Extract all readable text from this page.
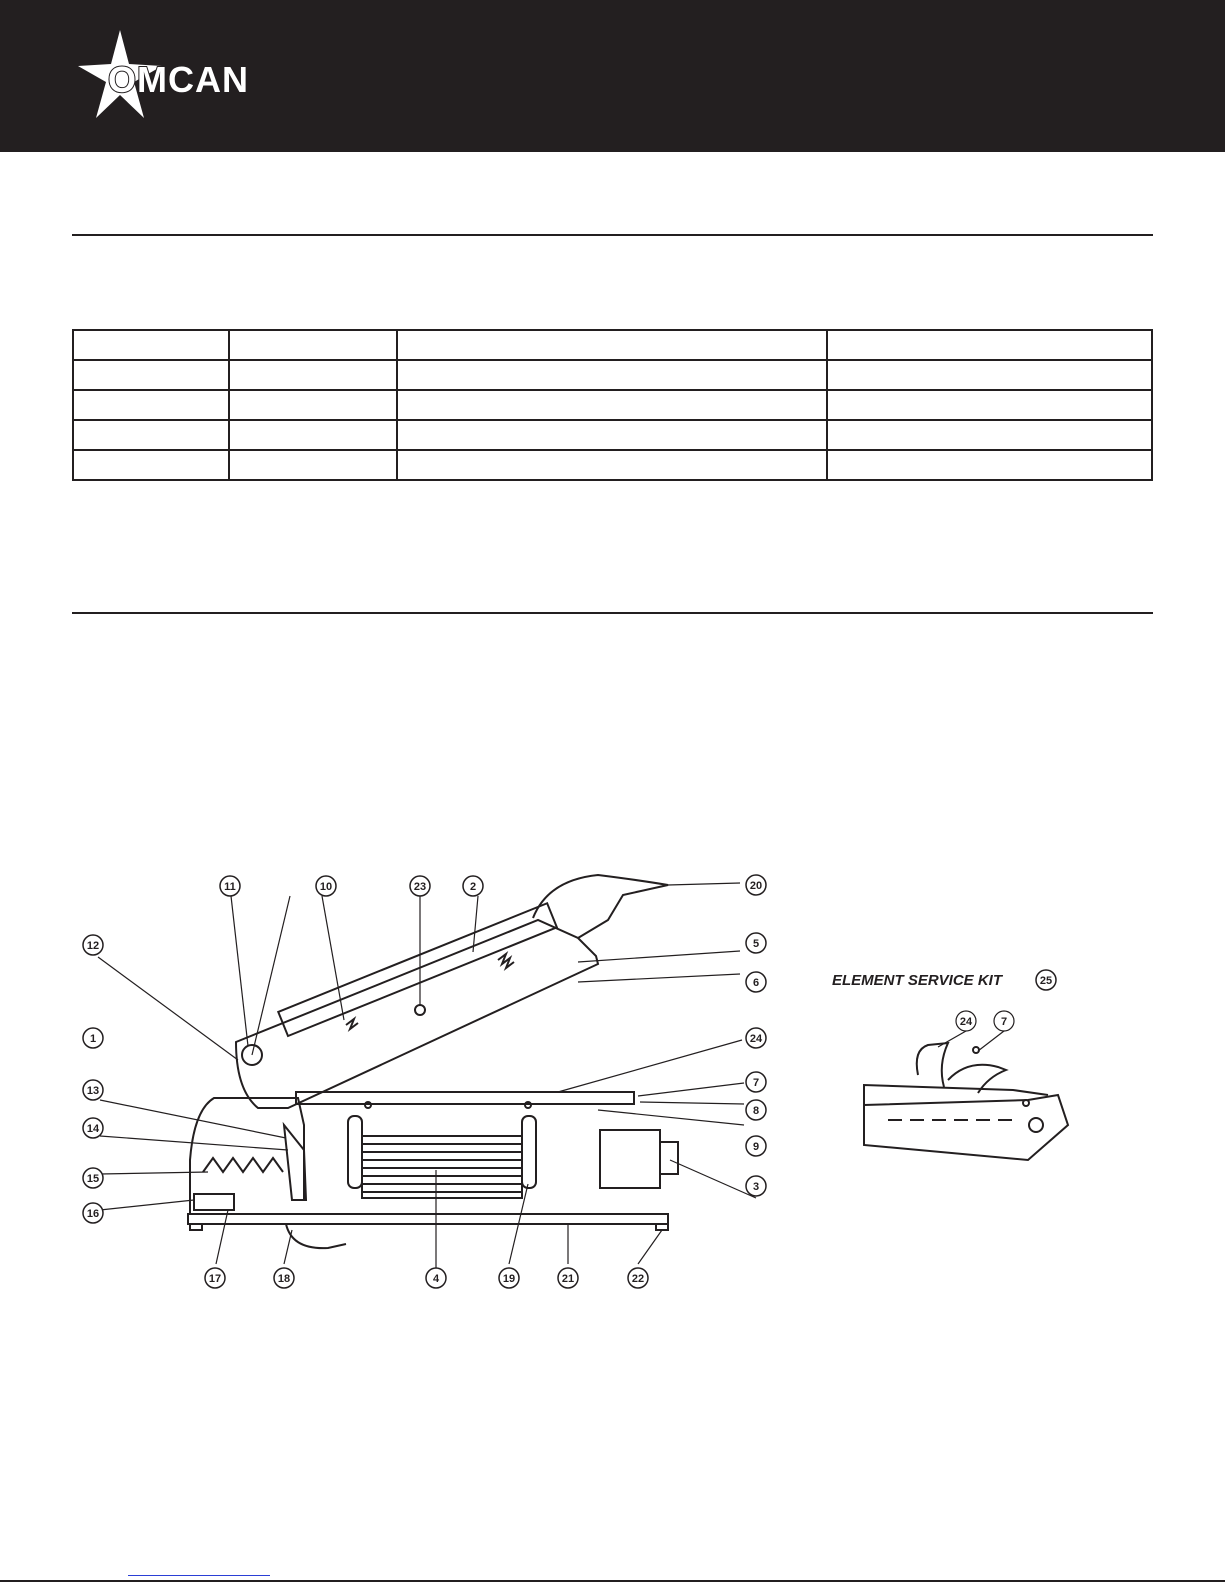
OMCAN

1
2
3
4
5
6
7
8
9
10
11
12
13
14
15
16
17	18	19
20
21	22
23
24
ELEMENT SERVICE KIT	25
24	7
